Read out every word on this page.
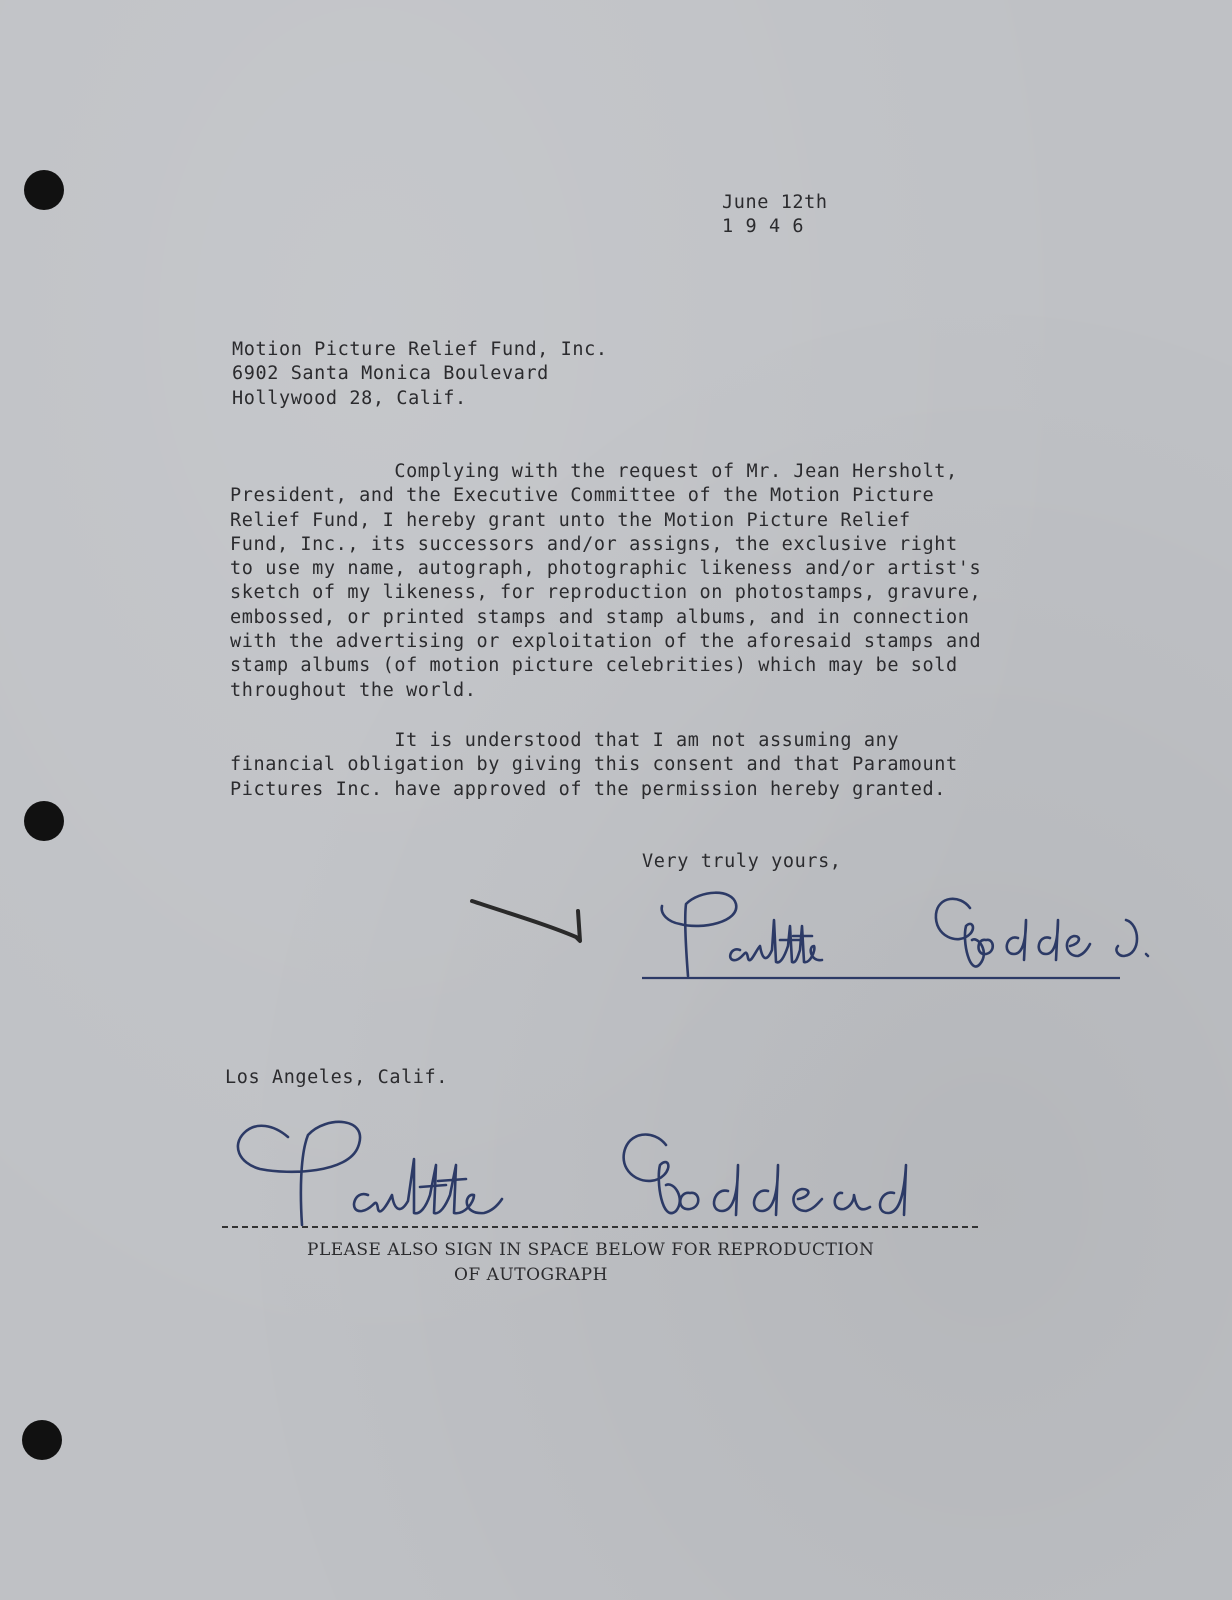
June 12th
1 9 4 6
Motion Picture Relief Fund, Inc.
6902 Santa Monica Boulevard
Hollywood 28, Calif.
Complying with the request of Mr. Jean Hersholt,
President, and the Executive Committee of the Motion Picture
Relief Fund, I hereby grant unto the Motion Picture Relief
Fund, Inc., its successors and/or assigns, the exclusive right
to use my name, autograph, photographic likeness and/or artist's
sketch of my likeness, for reproduction on photostamps, gravure,
embossed, or printed stamps and stamp albums, and in connection
with the advertising or exploitation of the aforesaid stamps and
stamp albums (of motion picture celebrities) which may be sold
throughout the world.
It is understood that I am not assuming any
financial obligation by giving this consent and that Paramount
Pictures Inc. have approved of the permission hereby granted.
Very truly yours,
Los Angeles, Calif.
PLEASE ALSO SIGN IN SPACE BELOW FOR REPRODUCTION
OF AUTOGRAPH
